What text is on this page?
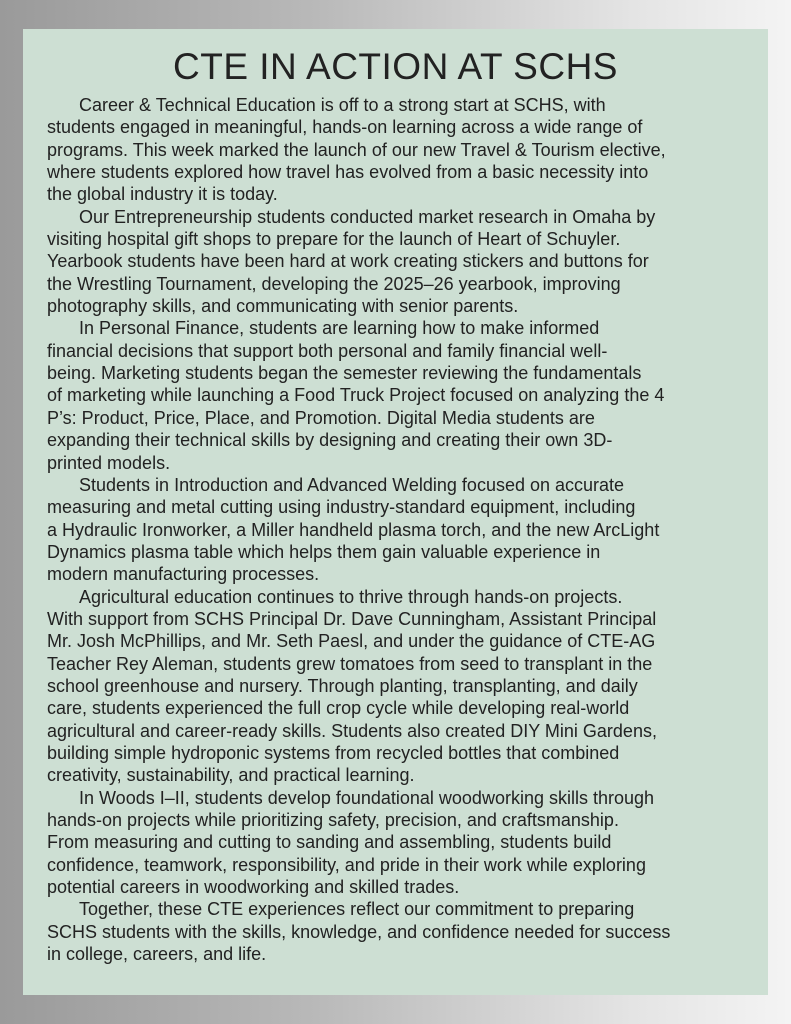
CTE IN ACTION AT SCHS
Career & Technical Education is off to a strong start at SCHS, with
students engaged in meaningful, hands-on learning across a wide range of
programs. This week marked the launch of our new Travel & Tourism elective,
where students explored how travel has evolved from a basic necessity into
the global industry it is today.
Our Entrepreneurship students conducted market research in Omaha by
visiting hospital gift shops to prepare for the launch of Heart of Schuyler.
Yearbook students have been hard at work creating stickers and buttons for
the Wrestling Tournament, developing the 2025–26 yearbook, improving
photography skills, and communicating with senior parents.
In Personal Finance, students are learning how to make informed
financial decisions that support both personal and family financial well-
being. Marketing students began the semester reviewing the fundamentals
of marketing while launching a Food Truck Project focused on analyzing the 4
P’s: Product, Price, Place, and Promotion. Digital Media students are
expanding their technical skills by designing and creating their own 3D-
printed models.
Students in Introduction and Advanced Welding focused on accurate
measuring and metal cutting using industry-standard equipment, including
a Hydraulic Ironworker, a Miller handheld plasma torch, and the new ArcLight
Dynamics plasma table which helps them gain valuable experience in
modern manufacturing processes.
Agricultural education continues to thrive through hands-on projects.
With support from SCHS Principal Dr. Dave Cunningham, Assistant Principal
Mr. Josh McPhillips, and Mr. Seth Paesl, and under the guidance of CTE-AG
Teacher Rey Aleman, students grew tomatoes from seed to transplant in the
school greenhouse and nursery. Through planting, transplanting, and daily
care, students experienced the full crop cycle while developing real-world
agricultural and career-ready skills. Students also created DIY Mini Gardens,
building simple hydroponic systems from recycled bottles that combined
creativity, sustainability, and practical learning.
In Woods I–II, students develop foundational woodworking skills through
hands-on projects while prioritizing safety, precision, and craftsmanship.
From measuring and cutting to sanding and assembling, students build
confidence, teamwork, responsibility, and pride in their work while exploring
potential careers in woodworking and skilled trades.
Together, these CTE experiences reflect our commitment to preparing
SCHS students with the skills, knowledge, and confidence needed for success
in college, careers, and life.
